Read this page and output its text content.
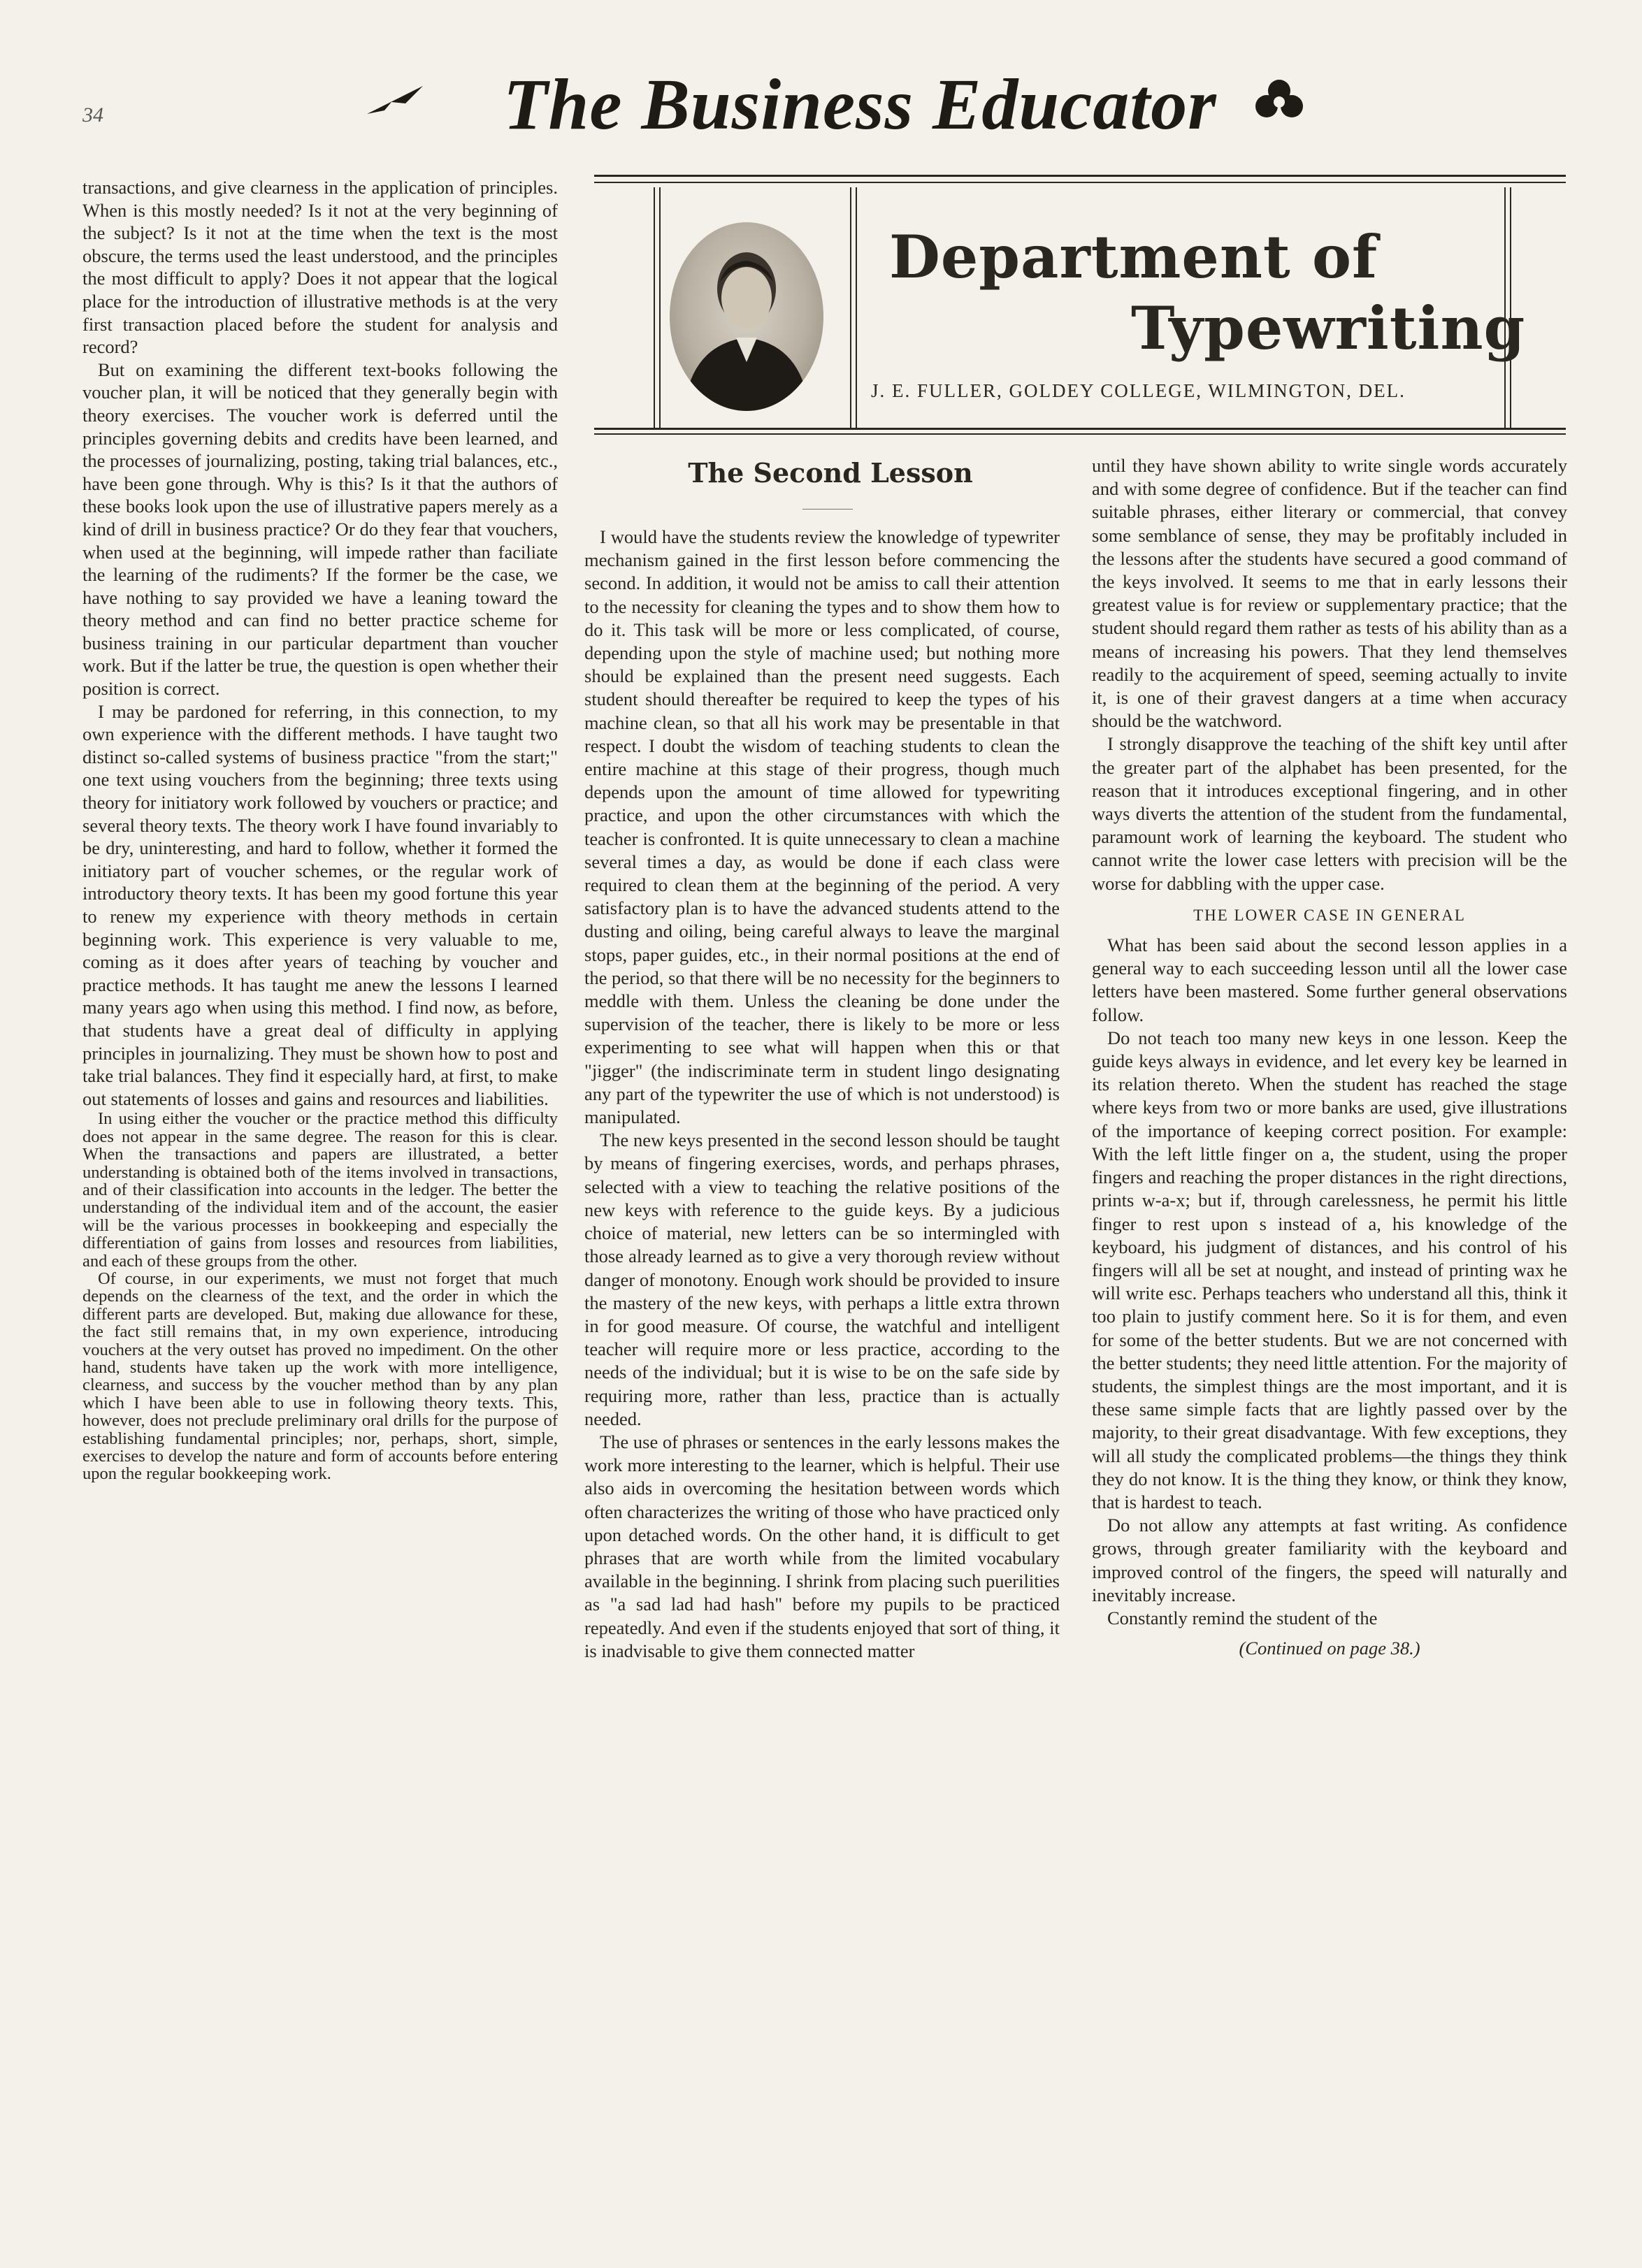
34	The Business Educator
Department of
Typewriting
J. E. FULLER, GOLDEY COLLEGE, WILMINGTON, DEL.
The Second Lesson

transactions, and give clearness in the application of principles. When is this mostly needed? Is it not at the very beginning of the subject? Is it not at the time when the text is the most obscure, the terms used the least understood, and the principles the most difficult to apply? Does it not appear that the logical place for the introduction of illustrative methods is at the very first transaction placed before the student for analysis and record?

But on examining the different text-books following the voucher plan, it will be noticed that they generally begin with theory exercises. The voucher work is deferred until the principles governing debits and credits have been learned, and the processes of journalizing, posting, taking trial balances, etc., have been gone through. Why is this? Is it that the authors of these books look upon the use of illustrative papers merely as a kind of drill in business practice? Or do they fear that vouchers, when used at the beginning, will impede rather than faciliate the learning of the rudiments? If the former be the case, we have nothing to say provided we have a leaning toward the theory method and can find no better practice scheme for business training in our particular department than voucher work. But if the latter be true, the question is open whether their position is correct.

I may be pardoned for referring, in this connection, to my own experience with the different methods. I have taught two distinct so-called systems of business practice "from the start;" one text using vouchers from the beginning; three texts using theory for initiatory work followed by vouchers or practice; and several theory texts. The theory work I have found invariably to be dry, uninteresting, and hard to follow, whether it formed the initiatory part of voucher schemes, or the regular work of introductory theory texts. It has been my good fortune this year to renew my experience with theory methods in certain beginning work. This experience is very valuable to me, coming as it does after years of teaching by voucher and practice methods. It has taught me anew the lessons I learned many years ago when using this method. I find now, as before, that students have a great deal of difficulty in applying principles in journalizing. They must be shown how to post and take trial balances. They find it especially hard, at first, to make out statements of losses and gains and resources and liabilities.

In using either the voucher or the practice method this difficulty does not appear in the same degree. The reason for this is clear. When the transactions and papers are illustrated, a better understanding is obtained both of the items involved in transactions, and of their classification into accounts in the ledger. The better the understanding of the individual item and of the account, the easier will be the various processes in bookkeeping and especially the differentiation of gains from losses and resources from liabilities, and each of these groups from the other.

Of course, in our experiments, we must not forget that much depends on the clearness of the text, and the order in which the different parts are developed. But, making due allowance for these, the fact still remains that, in my own experience, introducing vouchers at the very outset has proved no impediment. On the other hand, students have taken up the work with more intelligence, clearness, and success by the voucher method than by any plan which I have been able to use in following theory texts. This, however, does not preclude preliminary oral drills for the purpose of establishing fundamental principles; nor, perhaps, short, simple, exercises to develop the nature and form of accounts before entering upon the regular bookkeeping work.

I would have the students review the knowledge of typewriter mechanism gained in the first lesson before commencing the second. In addition, it would not be amiss to call their attention to the necessity for cleaning the types and to show them how to do it. This task will be more or less complicated, of course, depending upon the style of machine used; but nothing more should be explained than the present need suggests. Each student should thereafter be required to keep the types of his machine clean, so that all his work may be presentable in that respect. I doubt the wisdom of teaching students to clean the entire machine at this stage of their progress, though much depends upon the amount of time allowed for typewriting practice, and upon the other circumstances with which the teacher is confronted. It is quite unnecessary to clean a machine several times a day, as would be done if each class were required to clean them at the beginning of the period. A very satisfactory plan is to have the advanced students attend to the dusting and oiling, being careful always to leave the marginal stops, paper guides, etc., in their normal positions at the end of the period, so that there will be no necessity for the beginners to meddle with them. Unless the cleaning be done under the supervision of the teacher, there is likely to be more or less experimenting to see what will happen when this or that "jigger" (the indiscriminate term in student lingo designating any part of the typewriter the use of which is not understood) is manipulated.

The new keys presented in the second lesson should be taught by means of fingering exercises, words, and perhaps phrases, selected with a view to teaching the relative positions of the new keys with reference to the guide keys. By a judicious choice of material, new letters can be so intermingled with those already learned as to give a very thorough review without danger of monotony. Enough work should be provided to insure the mastery of the new keys, with perhaps a little extra thrown in for good measure. Of course, the watchful and intelligent teacher will require more or less practice, according to the needs of the individual; but it is wise to be on the safe side by requiring more, rather than less, practice than is actually needed.

The use of phrases or sentences in the early lessons makes the work more interesting to the learner, which is helpful. Their use also aids in overcoming the hesitation between words which often characterizes the writing of those who have practiced only upon detached words. On the other hand, it is difficult to get phrases that are worth while from the limited vocabulary available in the beginning. I shrink from placing such puerilities as "a sad lad had hash" before my pupils to be practiced repeatedly. And even if the students enjoyed that sort of thing, it is inadvisable to give them connected matter

until they have shown ability to write single words accurately and with some degree of confidence. But if the teacher can find suitable phrases, either literary or commercial, that convey some semblance of sense, they may be profitably included in the lessons after the students have secured a good command of the keys involved. It seems to me that in early lessons their greatest value is for review or supplementary practice; that the student should regard them rather as tests of his ability than as a means of increasing his powers. That they lend themselves readily to the acquirement of speed, seeming actually to invite it, is one of their gravest dangers at a time when accuracy should be the watchword.

I strongly disapprove the teaching of the shift key until after the greater part of the alphabet has been presented, for the reason that it introduces exceptional fingering, and in other ways diverts the attention of the student from the fundamental, paramount work of learning the keyboard. The student who cannot write the lower case letters with precision will be the worse for dabbling with the upper case.

THE LOWER CASE IN GENERAL

What has been said about the second lesson applies in a general way to each succeeding lesson until all the lower case letters have been mastered. Some further general observations follow.

Do not teach too many new keys in one lesson. Keep the guide keys always in evidence, and let every key be learned in its relation thereto. When the student has reached the stage where keys from two or more banks are used, give illustrations of the importance of keeping correct position. For example: With the left little finger on a, the student, using the proper fingers and reaching the proper distances in the right directions, prints w-a-x; but if, through carelessness, he permit his little finger to rest upon s instead of a, his knowledge of the keyboard, his judgment of distances, and his control of his fingers will all be set at nought, and instead of printing wax he will write esc. Perhaps teachers who understand all this, think it too plain to justify comment here. So it is for them, and even for some of the better students. But we are not concerned with the better students; they need little attention. For the majority of students, the simplest things are the most important, and it is these same simple facts that are lightly passed over by the majority, to their great disadvantage. With few exceptions, they will all study the complicated problems—the things they think they do not know. It is the thing they know, or think they know, that is hardest to teach.

Do not allow any attempts at fast writing. As confidence grows, through greater familiarity with the keyboard and improved control of the fingers, the speed will naturally and inevitably increase.

Constantly remind the student of the

(Continued on page 38.)
